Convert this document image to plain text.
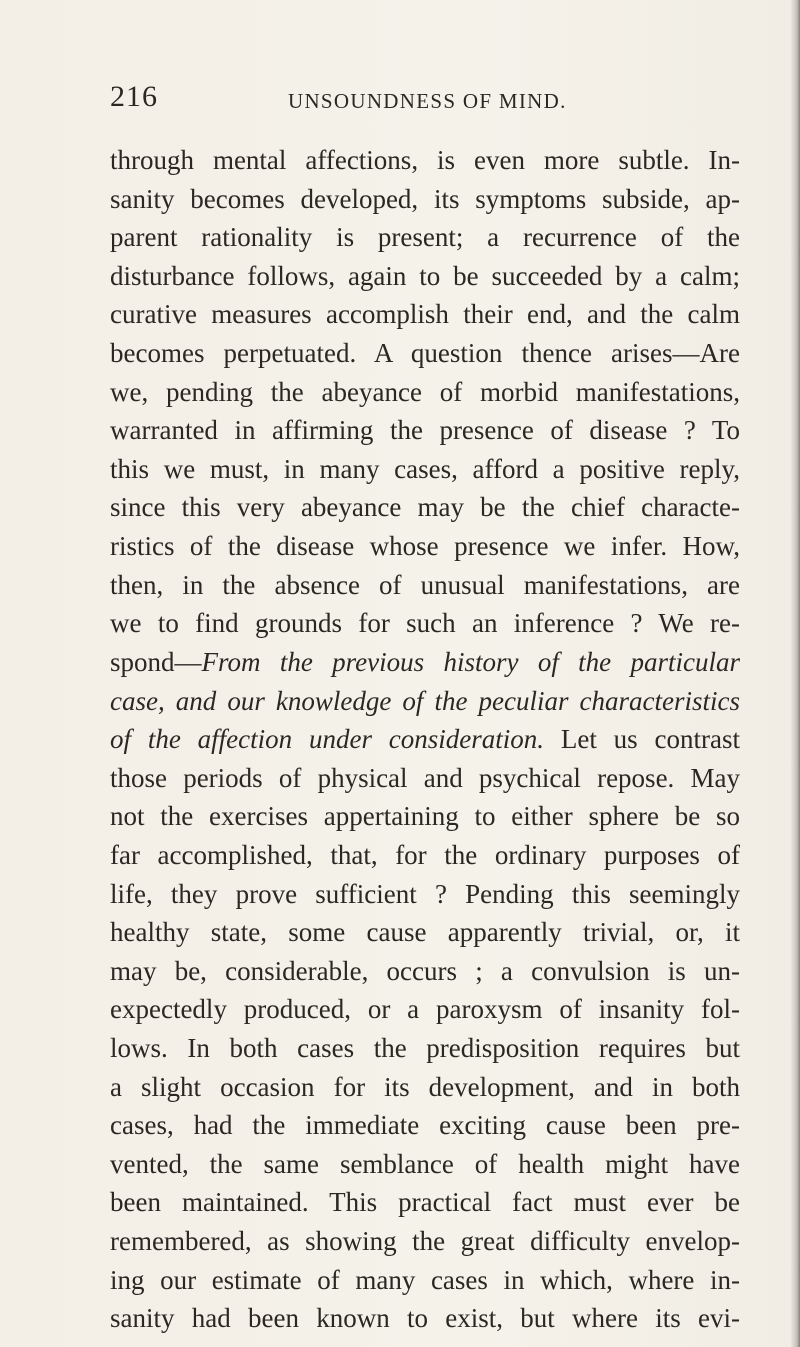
216	UNSOUNDNESS OF MIND.
through mental affections, is even more subtle. In-
sanity becomes developed, its symptoms subside, ap-
parent rationality is present; a recurrence of the
disturbance follows, again to be succeeded by a calm;
curative measures accomplish their end, and the calm
becomes perpetuated. A question thence arises—Are
we, pending the abeyance of morbid manifestations,
warranted in affirming the presence of disease ? To
this we must, in many cases, afford a positive reply,
since this very abeyance may be the chief characte-
ristics of the disease whose presence we infer. How,
then, in the absence of unusual manifestations, are
we to find grounds for such an inference ? We re-
spond—From the previous history of the particular
case, and our knowledge of the peculiar characteristics
of the affection under consideration. Let us contrast
those periods of physical and psychical repose. May
not the exercises appertaining to either sphere be so
far accomplished, that, for the ordinary purposes of
life, they prove sufficient ? Pending this seemingly
healthy state, some cause apparently trivial, or, it
may be, considerable, occurs ; a convulsion is un-
expectedly produced, or a paroxysm of insanity fol-
lows. In both cases the predisposition requires but
a slight occasion for its development, and in both
cases, had the immediate exciting cause been pre-
vented, the same semblance of health might have
been maintained. This practical fact must ever be
remembered, as showing the great difficulty envelop-
ing our estimate of many cases in which, where in-
sanity had been known to exist, but where its evi-
